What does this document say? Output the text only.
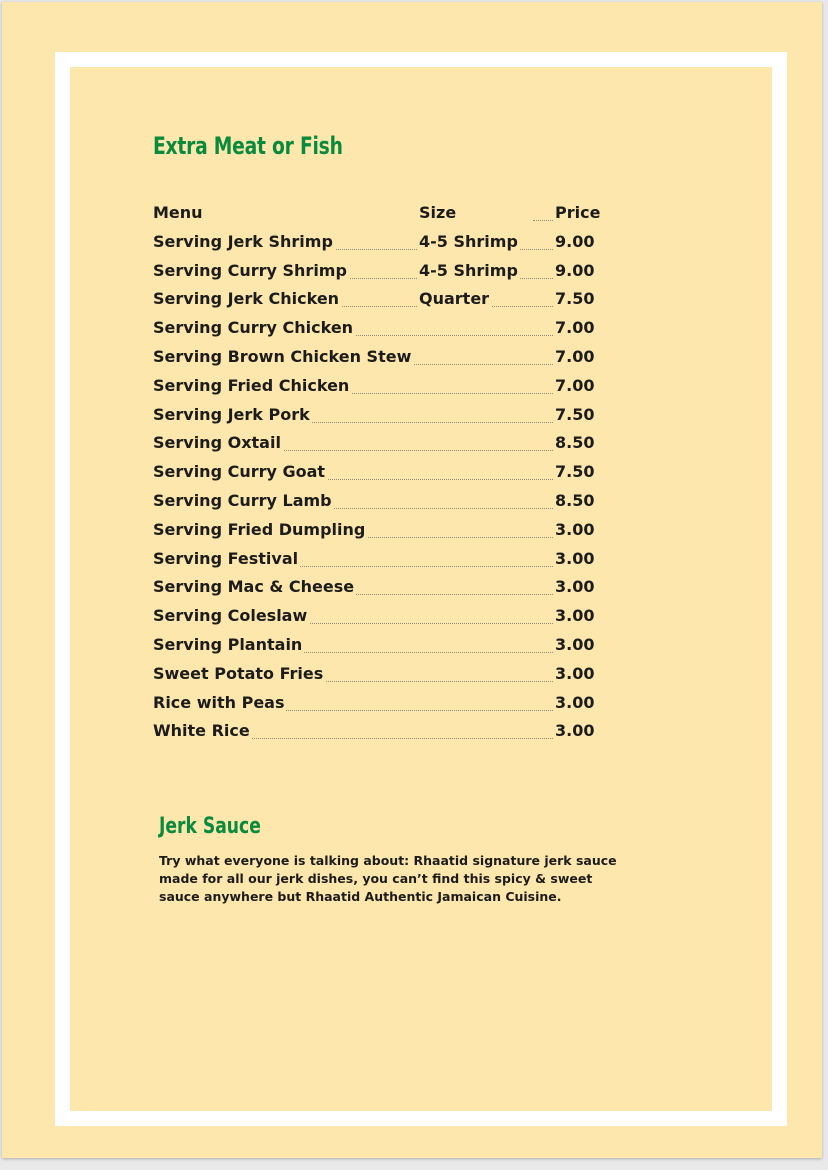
Extra Meat or Fish
Menu	Size	Price
Serving Jerk Shrimp	4-5 Shrimp 9.00
Serving Curry Shrimp	4-5 Shrimp 9.00
Serving Jerk Chicken	Quarter	7.50
Serving Curry Chicken	7.00
Serving Brown Chicken Stew	7.00
Serving Fried Chicken	7.00
Serving Jerk Pork	7.50
Serving Oxtail	8.50
Serving Curry Goat	7.50
Serving Curry Lamb	8.50
Serving Fried Dumpling	3.00
Serving Festival	3.00
Serving Mac & Cheese	3.00
Serving Coleslaw	3.00
Serving Plantain	3.00
Sweet Potato Fries	3.00
Rice with Peas	3.00
White Rice	3.00
Jerk Sauce

Try what everyone is talking about: Rhaatid signature jerk sauce made for all our jerk dishes, you can’t find this spicy & sweet sauce anywhere but Rhaatid Authentic Jamaican Cuisine.
